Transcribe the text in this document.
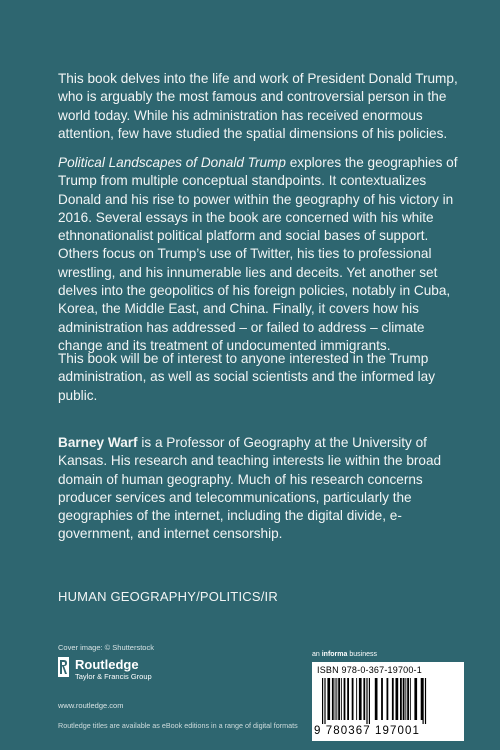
This book delves into the life and work of President Donald Trump, who is arguably the most famous and controversial person in the world today. While his administration has received enormous attention, few have studied the spatial dimensions of his policies.

Political Landscapes of Donald Trump explores the geographies of Trump from multiple conceptual standpoints. It contextualizes Donald and his rise to power within the geography of his victory in 2016. Several essays in the book are concerned with his white ethnonationalist political platform and social bases of support. Others focus on Trump’s use of Twitter, his ties to professional wrestling, and his innumerable lies and deceits. Yet another set delves into the geopolitics of his foreign policies, notably in Cuba, Korea, the Middle East, and China. Finally, it covers how his administration has addressed – or failed to address – climate change and its treatment of undocumented immigrants.

This book will be of interest to anyone interested in the Trump administration, as well as social scientists and the informed lay public.

Barney Warf is a Professor of Geography at the University of Kansas. His research and teaching interests lie within the broad domain of human geography. Much of his research concerns producer services and telecommunications, particularly the geographies of the internet, including the digital divide, e-government, and internet censorship.

HUMAN GEOGRAPHY/POLITICS/IR
Cover image: © Shutterstock
Routledge
Taylor & Francis Group
www.routledge.com
Routledge titles are available as eBook editions in a range of digital formats
an informa business
ISBN 978-0-367-19700-1
9 780367 197001
